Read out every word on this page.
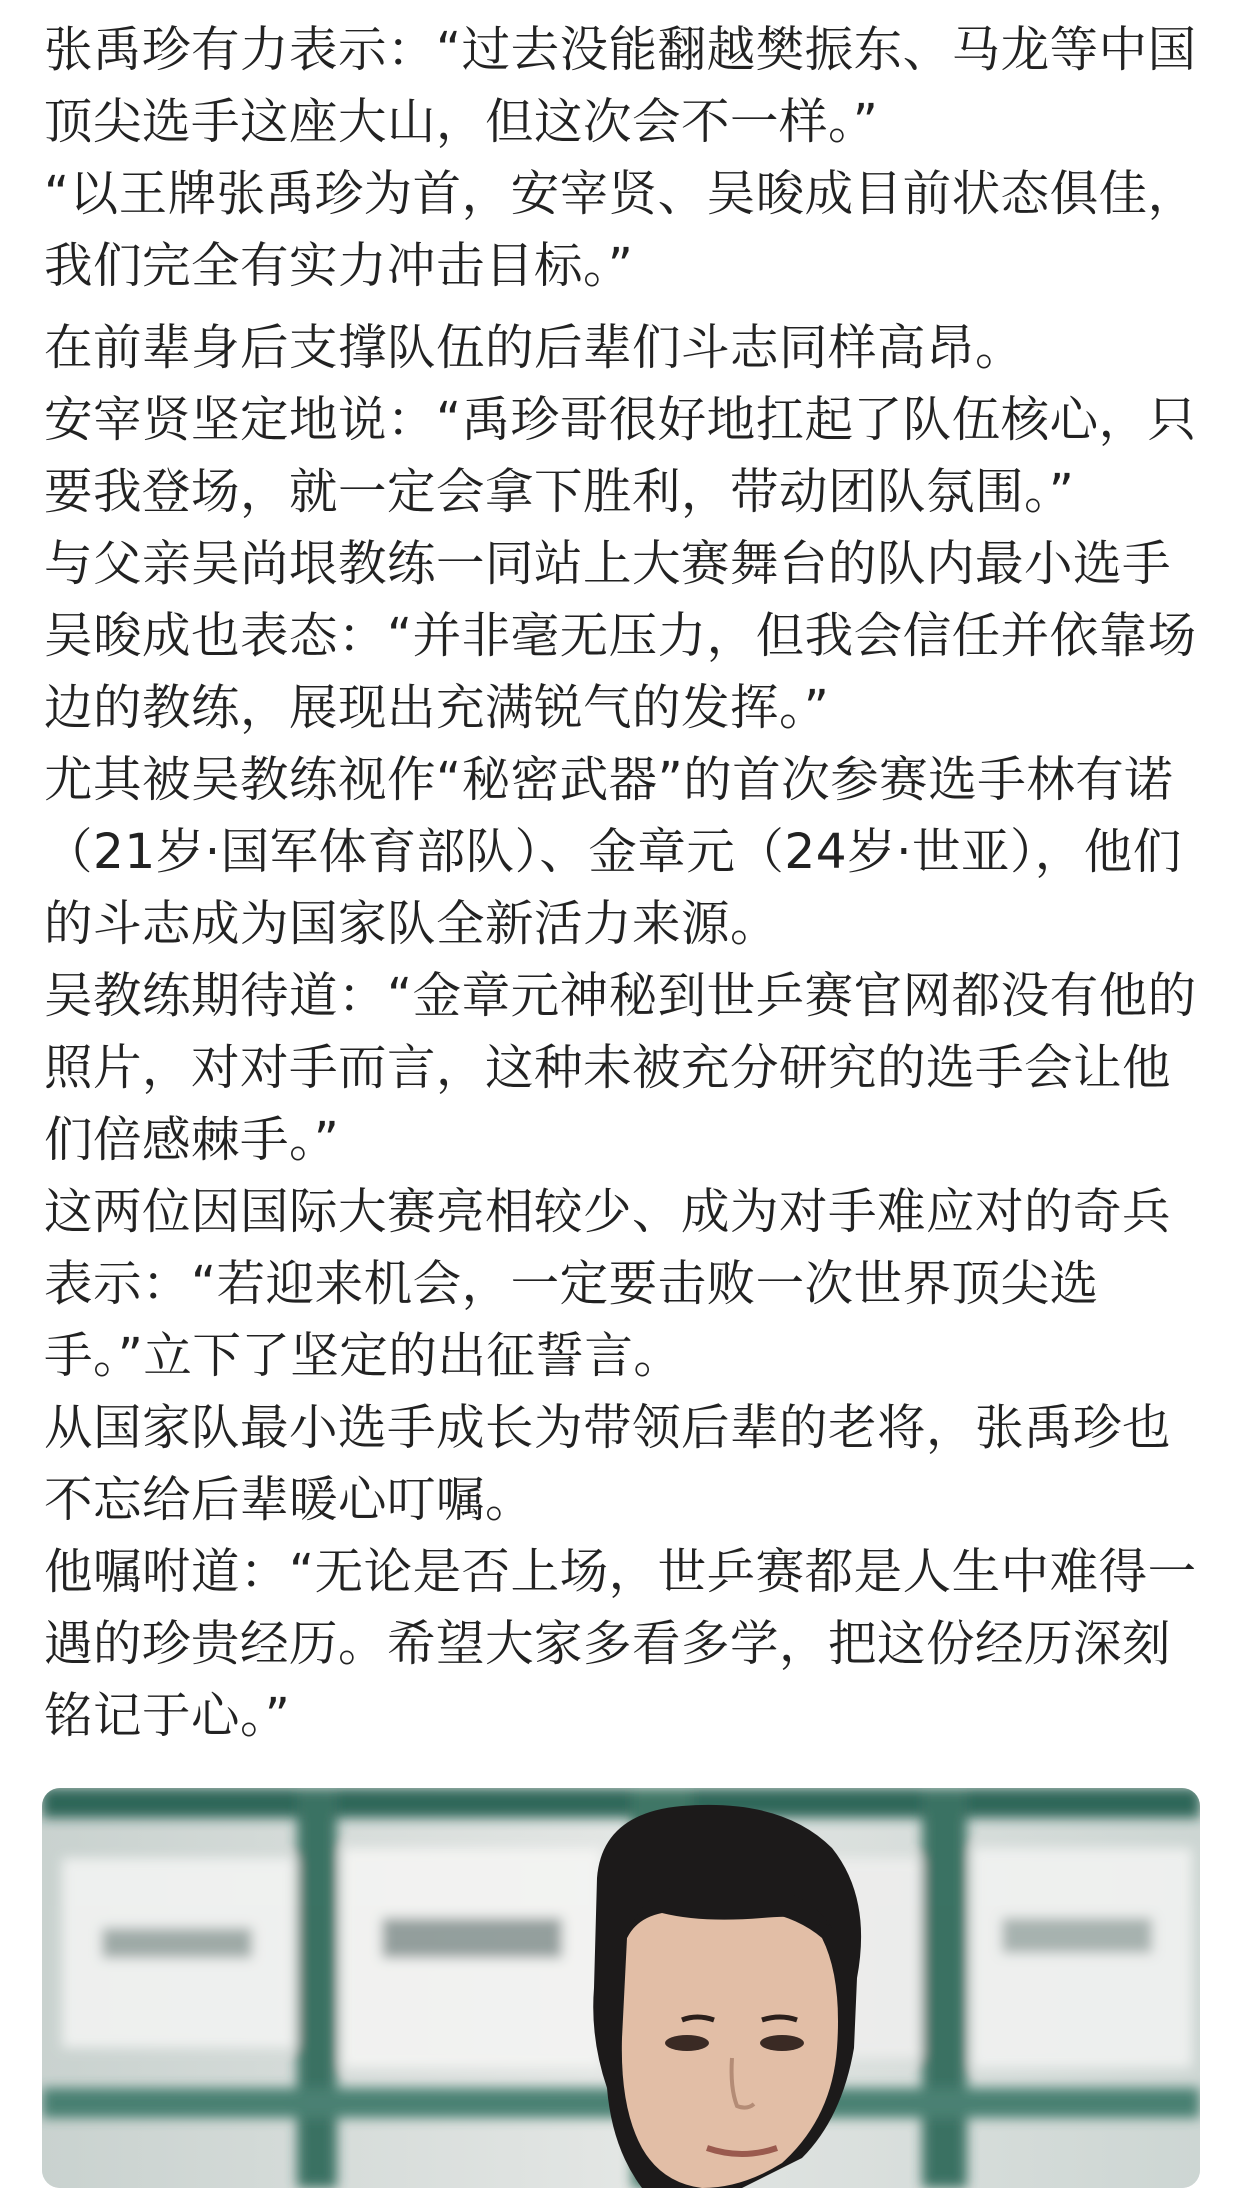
张禹珍有力表示：“过去没能翻越樊振东、马龙等中国顶尖选手这座大山，但这次会不一样。”

“以王牌张禹珍为首，安宰贤、吴晙成目前状态俱佳，我们完全有实力冲击目标。”

在前辈身后支撑队伍的后辈们斗志同样高昂。

安宰贤坚定地说：“禹珍哥很好地扛起了队伍核心，只要我登场，就一定会拿下胜利，带动团队氛围。”

与父亲吴尚垠教练一同站上大赛舞台的队内最小选手吴晙成也表态：“并非毫无压力，但我会信任并依靠场边的教练，展现出充满锐气的发挥。”

尤其被吴教练视作“秘密武器”的首次参赛选手林有诺（21岁·国军体育部队）、金章元（24岁·世亚），他们的斗志成为国家队全新活力来源。

吴教练期待道：“金章元神秘到世乒赛官网都没有他的照片，对对手而言，这种未被充分研究的选手会让他们倍感棘手。”

这两位因国际大赛亮相较少、成为对手难应对的奇兵表示：“若迎来机会，一定要击败一次世界顶尖选手。”立下了坚定的出征誓言。

从国家队最小选手成长为带领后辈的老将，张禹珍也不忘给后辈暖心叮嘱。

他嘱咐道：“无论是否上场，世乒赛都是人生中难得一遇的珍贵经历。希望大家多看多学，把这份经历深刻铭记于心。”
